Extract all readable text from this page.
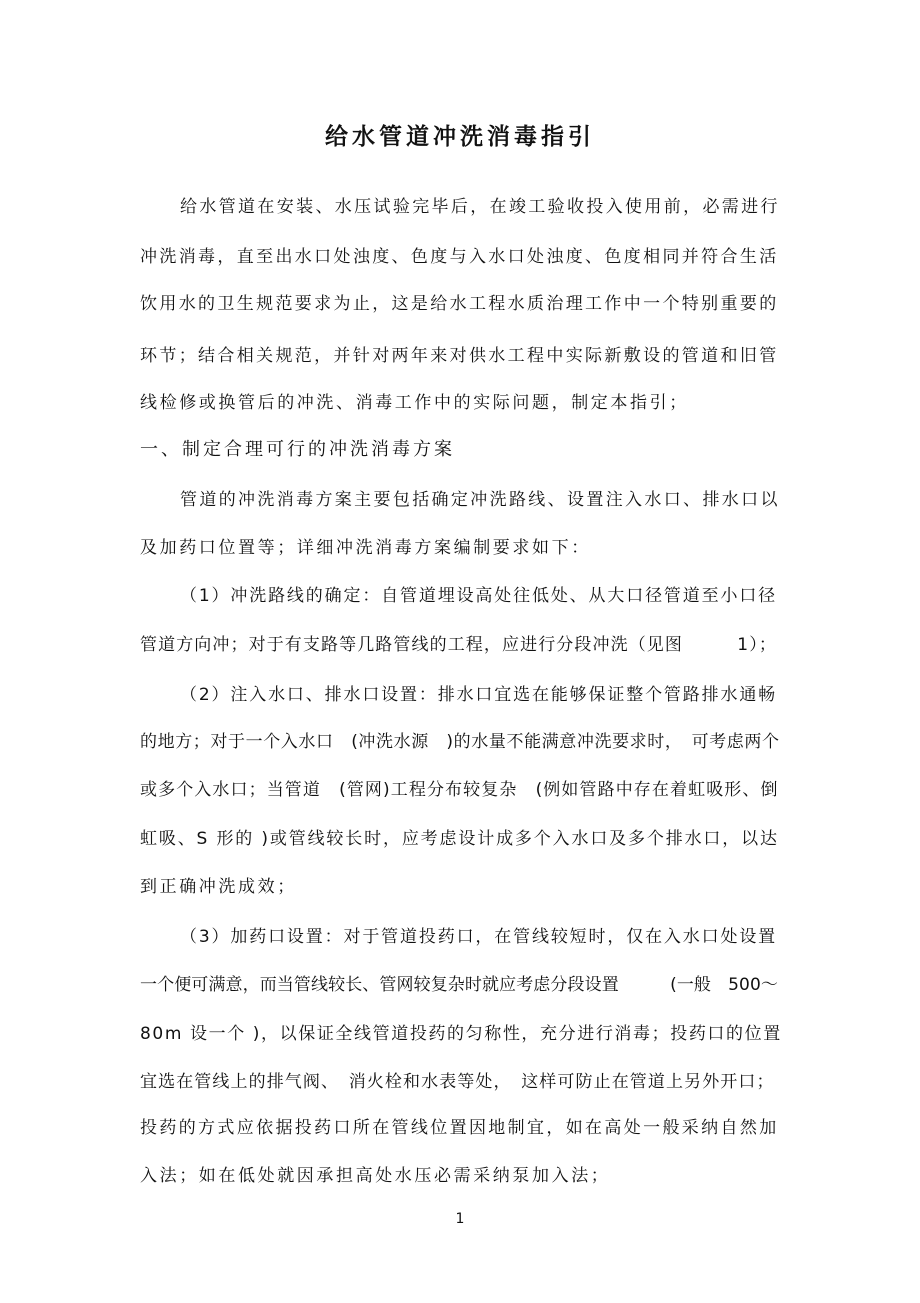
给水管道冲洗消毒指引
给水管道在安装、水压试验完毕后，在竣工验收投入使用前，必需进行
冲洗消毒，直至出水口处浊度、色度与入水口处浊度、色度相同并符合生活
饮用水的卫生规范要求为止，这是给水工程水质治理工作中一个特别重要的
环节；结合相关规范，并针对两年来对供水工程中实际新敷设的管道和旧管
线检修或换管后的冲洗、消毒工作中的实际问题，制定本指引；
一、制定合理可行的冲洗消毒方案
管道的冲洗消毒方案主要包括确定冲洗路线、设置注入水口、排水口以
及加药口位置等；详细冲洗消毒方案编制要求如下：
（1）冲洗路线的确定：自管道埋设高处往低处、从大口径管道至小口径
管道方向冲；对于有支路等几路管线的工程，应进行分段冲洗（见图　　　1）；
（2）注入水口、排水口设置：排水口宜选在能够保证整个管路排水通畅
的地方；对于一个入水口　(冲洗水源　)的水量不能满意冲洗要求时，　可考虑两个
或多个入水口；当管道　(管网)工程分布较复杂　(例如管路中存在着虹吸形、倒
虹吸、S 形的 )或管线较长时，应考虑设计成多个入水口及多个排水口，以达
到正确冲洗成效；
（3）加药口设置：对于管道投药口，在管线较短时，仅在入水口处设置
一个便可满意，而当管线较长、管网较复杂时就应考虑分段设置　　　(一般　500～
80m 设一个 )，以保证全线管道投药的匀称性，充分进行消毒；投药口的位置
宜选在管线上的排气阀、　消火栓和水表等处，　这样可防止在管道上另外开口；
投药的方式应依据投药口所在管线位置因地制宜，如在高处一般采纳自然加
入法；如在低处就因承担高处水压必需采纳泵加入法；
1
